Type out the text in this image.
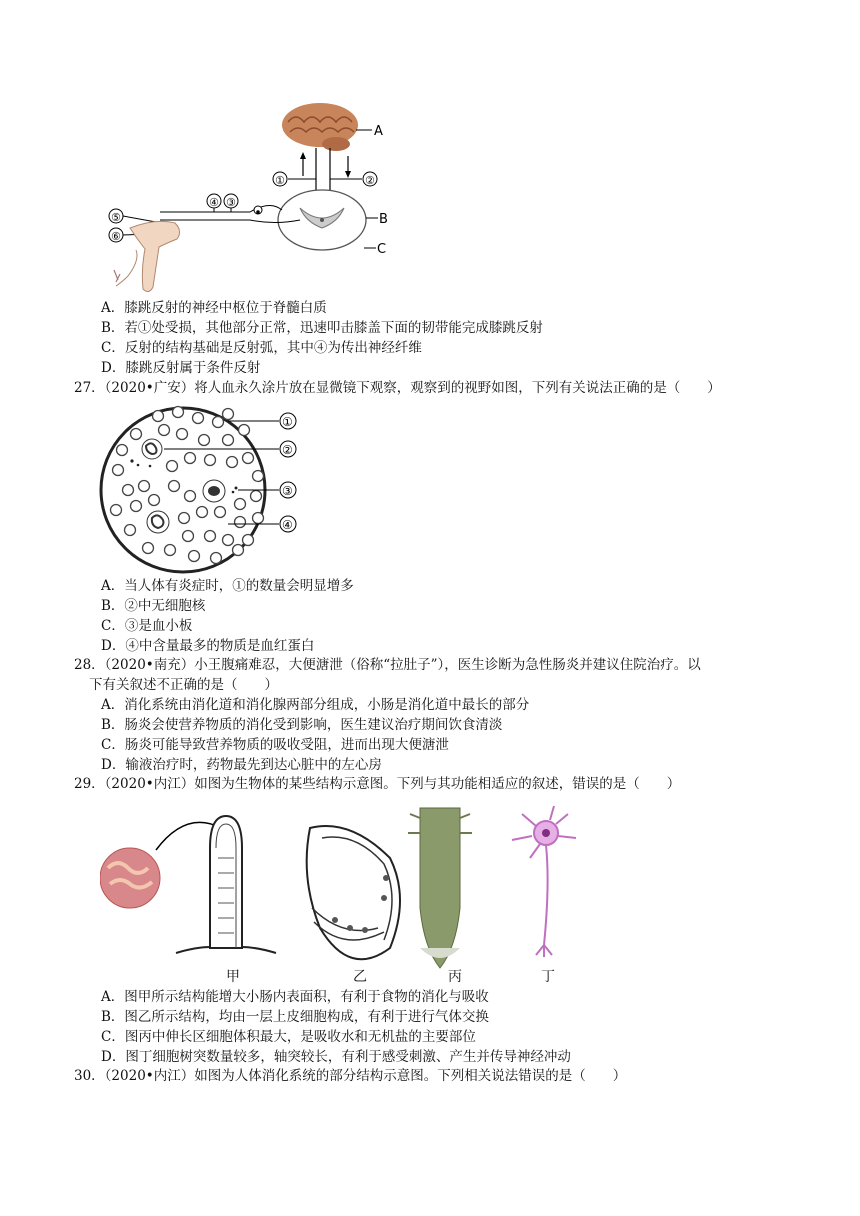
A
①	②
B
C
④ ③
⑤
⑥
A．膝跳反射的神经中枢位于脊髓白质
B．若①处受损，其他部分正常，迅速叩击膝盖下面的韧带能完成膝跳反射
C．反射的结构基础是反射弧，其中④为传出神经纤维
D．膝跳反射属于条件反射
27．（2020•广安）将人血永久涂片放在显微镜下观察，观察到的视野如图，下列有关说法正确的是（　　）
①
②
③
④
A．当人体有炎症时，①的数量会明显增多
B．②中无细胞核
C．③是血小板
D．④中含量最多的物质是血红蛋白
28．（2020•南充）小王腹痛难忍，大便溏泄（俗称“拉肚子”），医生诊断为急性肠炎并建议住院治疗。以
下有关叙述不正确的是（　　）
A．消化系统由消化道和消化腺两部分组成，小肠是消化道中最长的部分
B．肠炎会使营养物质的消化受到影响，医生建议治疗期间饮食清淡
C．肠炎可能导致营养物质的吸收受阻，进而出现大便溏泄
D．输液治疗时，药物最先到达心脏中的左心房
29．（2020•内江）如图为生物体的某些结构示意图。下列与其功能相适应的叙述，错误的是（　　）
甲	乙	丙	丁
A．图甲所示结构能增大小肠内表面积，有利于食物的消化与吸收
B．图乙所示结构，均由一层上皮细胞构成，有利于进行气体交换
C．图丙中伸长区细胞体积最大，是吸收水和无机盐的主要部位
D．图丁细胞树突数量较多，轴突较长，有利于感受刺激、产生并传导神经冲动
30．（2020•内江）如图为人体消化系统的部分结构示意图。下列相关说法错误的是（　　）
